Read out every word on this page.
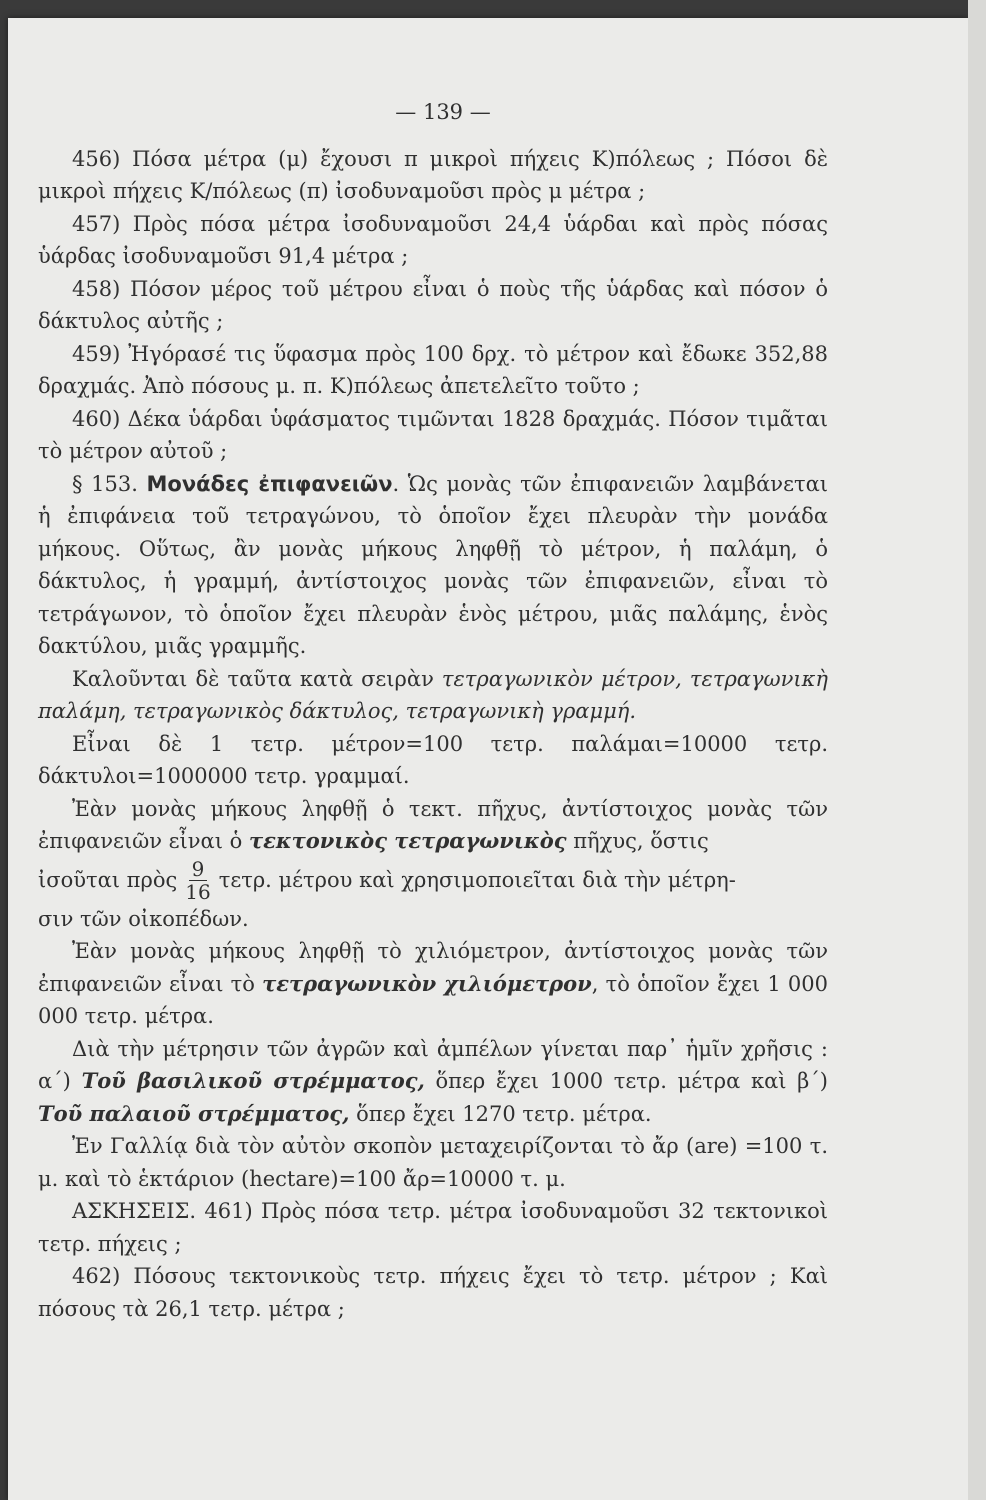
— 139 —

456) Πόσα μέτρα (μ) ἔχουσι π μικροὶ πήχεις Κ)πόλεως ; Πόσοι δὲ μικροὶ πήχεις Κ/πόλεως (π) ἰσοδυναμοῦσι πρὸς μ μέτρα ;

457) Πρὸς πόσα μέτρα ἰσοδυναμοῦσι 24,4 ὑάρδαι καὶ πρὸς πόσας ὑάρδας ἰσοδυναμοῦσι 91,4 μέτρα ;

458) Πόσον μέρος τοῦ μέτρου εἶναι ὁ ποὺς τῆς ὑάρδας καὶ πόσον ὁ δάκτυλος αὐτῆς ;

459) Ἠγόρασέ τις ὕφασμα πρὸς 100 δρχ. τὸ μέτρον καὶ ἔδωκε 352,88 δραχμάς. Ἀπὸ πόσους μ. π. Κ)πόλεως ἀπετελεῖτο τοῦτο ;

460) Δέκα ὑάρδαι ὑφάσματος τιμῶνται 1828 δραχμάς. Πόσον τιμᾶται τὸ μέτρον αὐτοῦ ;

§ 153. Μονάδες ἐπιφανειῶν. Ὡς μονὰς τῶν ἐπιφανειῶν λαμβάνεται ἡ ἐπιφάνεια τοῦ τετραγώνου, τὸ ὁποῖον ἔχει πλευρὰν τὴν μονάδα μήκους. Οὕτως, ἂν μονὰς μήκους ληφθῇ τὸ μέτρον, ἡ παλάμη, ὁ δάκτυλος, ἡ γραμμή, ἀντίστοιχος μονὰς τῶν ἐπιφανειῶν, εἶναι τὸ τετράγωνον, τὸ ὁποῖον ἔχει πλευρὰν ἑνὸς μέτρου, μιᾶς παλάμης, ἑνὸς δακτύλου, μιᾶς γραμμῆς.

Καλοῦνται δὲ ταῦτα κατὰ σειρὰν τετραγωνικὸν μέτρον, τετραγωνικὴ παλάμη, τετραγωνικὸς δάκτυλος, τετραγωνικὴ γραμμή.

Εἶναι δὲ 1 τετρ. μέτρον=100 τετρ. παλάμαι=10000 τετρ. δάκτυλοι=1000000 τετρ. γραμμαί.

Ἐὰν μονὰς μήκους ληφθῇ ὁ τεκτ. πῆχυς, ἀντίστοιχος μονὰς τῶν ἐπιφανειῶν εἶναι ὁ τεκτονικὸς τετραγωνικὸς πῆχυς, ὅστις

ἰσοῦται πρὸς $\frac{9}{16} \tau\varepsilon\tau\rho$. μέτρου καὶ χρησιμοποιεῖται διὰ τὴν μέτρη-

σιν τῶν οἰκοπέδων.

Ἐὰν μονὰς μήκους ληφθῇ τὸ χιλιόμετρον, ἀντίστοιχος μονὰς τῶν ἐπιφανειῶν εἶναι τὸ τετραγωνικὸν χιλιόμετρον, τὸ ὁποῖον ἔχει 1 000 000 τετρ. μέτρα.

Διὰ τὴν μέτρησιν τῶν ἀγρῶν καὶ ἀμπέλων γίνεται παρ᾽ ἡμῖν χρῆσις : α΄) Τοῦ βασιλικοῦ στρέμματος, ὅπερ ἔχει 1000 τετρ. μέτρα καὶ β΄) Τοῦ παλαιοῦ στρέμματος, ὅπερ ἔχει 1270 τετρ. μέτρα.

Ἐν Γαλλίᾳ διὰ τὸν αὐτὸν σκοπὸν μεταχειρίζονται τὸ ἄρ (are) =100 τ. μ. καὶ τὸ ἑκτάριον (hectare)=100 ἄρ=10000 τ. μ.

ΑΣΚΗΣΕΙΣ. 461) Πρὸς πόσα τετρ. μέτρα ἰσοδυναμοῦσι 32 τεκτονικοὶ τετρ. πήχεις ;

462) Πόσους τεκτονικοὺς τετρ. πήχεις ἔχει τὸ τετρ. μέτρον ; Καὶ πόσους τὰ 26,1 τετρ. μέτρα ;
